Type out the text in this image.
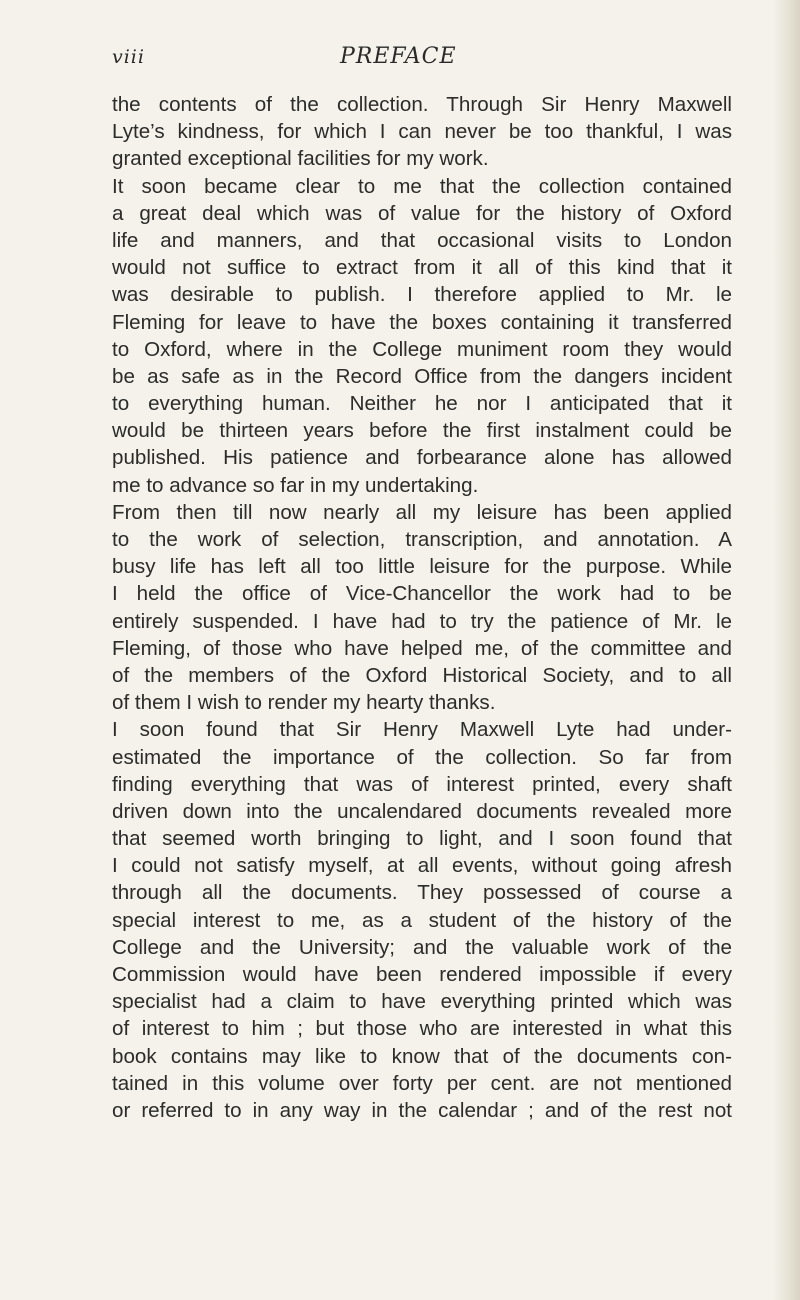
viii	PREFACE
the contents of the collection. Through Sir Henry Maxwell
Lyte’s kindness, for which I can never be too thankful, I was
granted exceptional facilities for my work.
It soon became clear to me that the collection contained
a great deal which was of value for the history of Oxford
life and manners, and that occasional visits to London
would not suffice to extract from it all of this kind that it
was desirable to publish. I therefore applied to Mr. le
Fleming for leave to have the boxes containing it transferred
to Oxford, where in the College muniment room they would
be as safe as in the Record Office from the dangers incident
to everything human. Neither he nor I anticipated that it
would be thirteen years before the first instalment could be
published. His patience and forbearance alone has allowed
me to advance so far in my undertaking.
From then till now nearly all my leisure has been applied
to the work of selection, transcription, and annotation. A
busy life has left all too little leisure for the purpose. While
I held the office of Vice-Chancellor the work had to be
entirely suspended. I have had to try the patience of Mr. le
Fleming, of those who have helped me, of the committee and
of the members of the Oxford Historical Society, and to all
of them I wish to render my hearty thanks.
I soon found that Sir Henry Maxwell Lyte had under-
estimated the importance of the collection. So far from
finding everything that was of interest printed, every shaft
driven down into the uncalendared documents revealed more
that seemed worth bringing to light, and I soon found that
I could not satisfy myself, at all events, without going afresh
through all the documents. They possessed of course a
special interest to me, as a student of the history of the
College and the University; and the valuable work of the
Commission would have been rendered impossible if every
specialist had a claim to have everything printed which was
of interest to him ; but those who are interested in what this
book contains may like to know that of the documents con-
tained in this volume over forty per cent. are not mentioned
or referred to in any way in the calendar ; and of the rest not
